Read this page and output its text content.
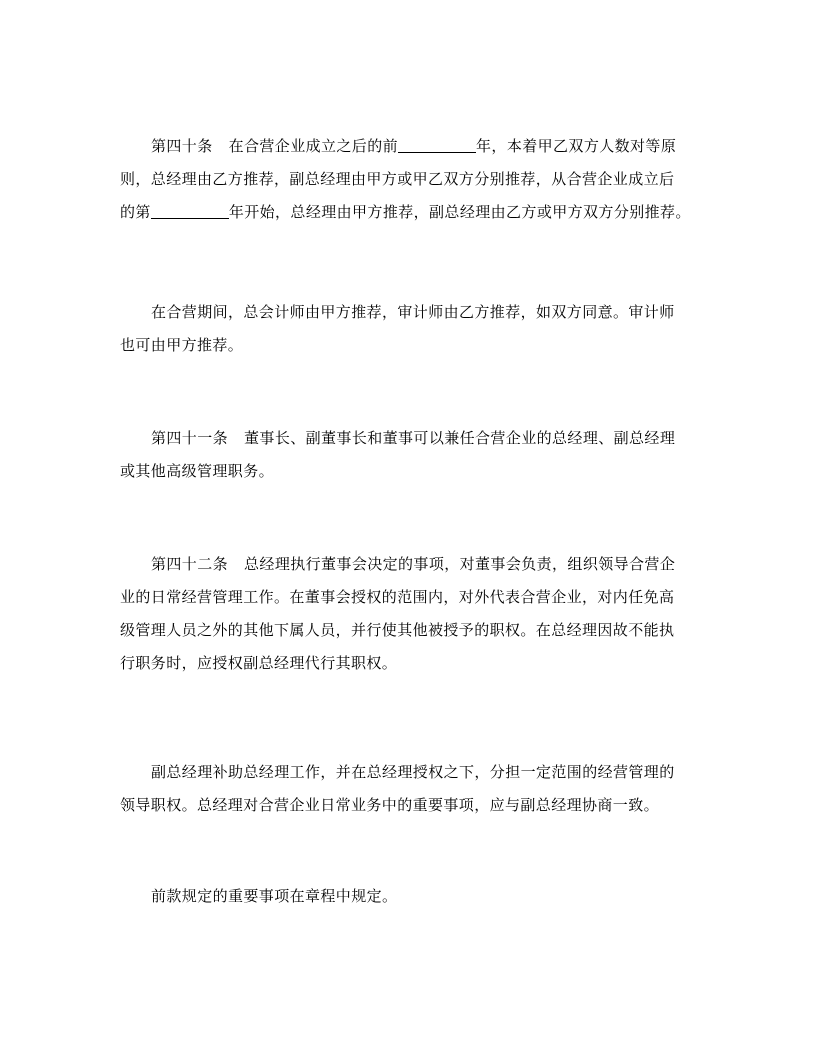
第四十条 在合营企业成立之后的前	年，本着甲乙双方人数对等原
则，总经理由乙方推荐，副总经理由甲方或甲乙双方分别推荐，从合营企业成立后
的第	年开始，总经理由甲方推荐，副总经理由乙方或甲方双方分别推荐。
在合营期间，总会计师由甲方推荐，审计师由乙方推荐，如双方同意。审计师
也可由甲方推荐。
第四十一条 董事长、副董事长和董事可以兼任合营企业的总经理、副总经理
或其他高级管理职务。
第四十二条 总经理执行董事会决定的事项，对董事会负责，组织领导合营企
业的日常经营管理工作。在董事会授权的范围内，对外代表合营企业，对内任免高
级管理人员之外的其他下属人员，并行使其他被授予的职权。在总经理因故不能执
行职务时，应授权副总经理代行其职权。
副总经理补助总经理工作，并在总经理授权之下，分担一定范围的经营管理的
领导职权。总经理对合营企业日常业务中的重要事项，应与副总经理协商一致。
前款规定的重要事项在章程中规定。
